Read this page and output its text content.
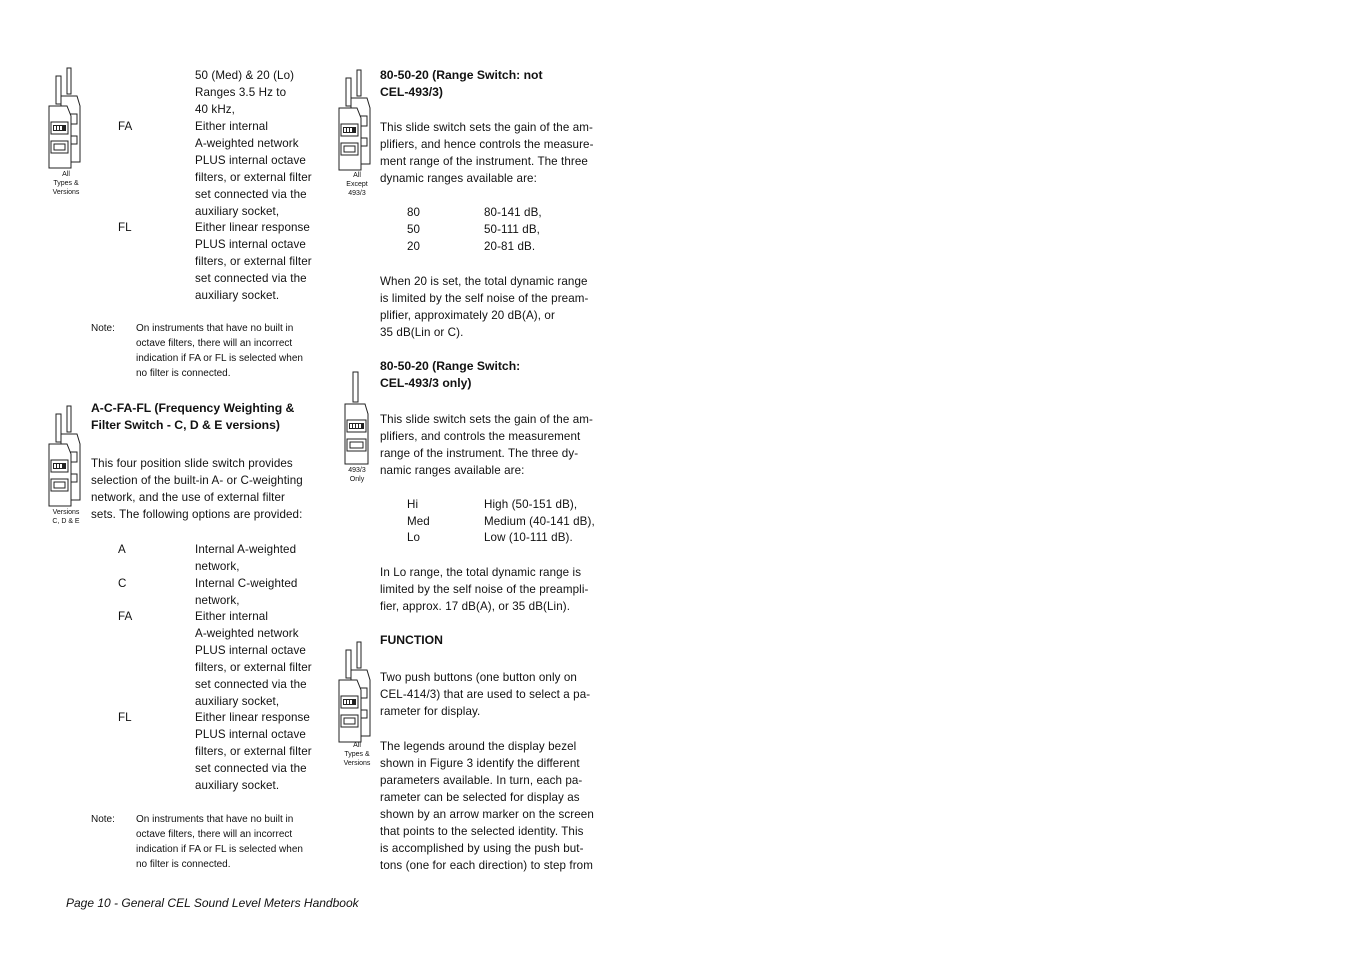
All
Types &
Versions
50 (Med) & 20 (Lo)
Ranges 3.5 Hz to
40 kHz,
FA	Either internal
A-weighted network
PLUS internal octave
filters, or external filter
set connected via the
auxiliary socket,
FL	Either linear response
PLUS internal octave
filters, or external filter
set connected via the
auxiliary socket.
Note: On instruments that have no built in
octave filters, there will an incorrect
indication if FA or FL is selected when
no filter is connected.
Versions
C, D & E
A-C-FA-FL (Frequency Weighting &
Filter Switch - C, D & E versions)
This four position slide switch provides
selection of the built-in A- or C-weighting
network, and the use of external filter
sets. The following options are provided:
A	Internal A-weighted
network,
C	Internal C-weighted
network,
FA	Either internal
A-weighted network
PLUS internal octave
filters, or external filter
set connected via the
auxiliary socket,
FL	Either linear response
PLUS internal octave
filters, or external filter
set connected via the
auxiliary socket.
Note: On instruments that have no built in
octave filters, there will an incorrect
indication if FA or FL is selected when
no filter is connected.
All
Except
493/3
80-50-20 (Range Switch: not
CEL-493/3)
This slide switch sets the gain of the am-
plifiers, and hence controls the measure-
ment range of the instrument. The three
dynamic ranges available are:
80	80-141 dB,
50	50-111 dB,
20	20-81 dB.
When 20 is set, the total dynamic range
is limited by the self noise of the pream-
plifier, approximately 20 dB(A), or
35 dB(Lin or C).
493/3
Only
80-50-20 (Range Switch:
CEL-493/3 only)
This slide switch sets the gain of the am-
plifiers, and controls the measurement
range of the instrument. The three dy-
namic ranges available are:
Hi	High (50-151 dB),
Med	Medium (40-141 dB),
Lo	Low (10-111 dB).
In Lo range, the total dynamic range is
limited by the self noise of the preampli-
fier, approx. 17 dB(A), or 35 dB(Lin).
All
Types &
Versions
FUNCTION
Two push buttons (one button only on
CEL-414/3) that are used to select a pa-
rameter for display.
The legends around the display bezel
shown in Figure 3 identify the different
parameters available. In turn, each pa-
rameter can be selected for display as
shown by an arrow marker on the screen
that points to the selected identity. This
is accomplished by using the push but-
tons (one for each direction) to step from
Page 10 - General CEL Sound Level Meters Handbook
